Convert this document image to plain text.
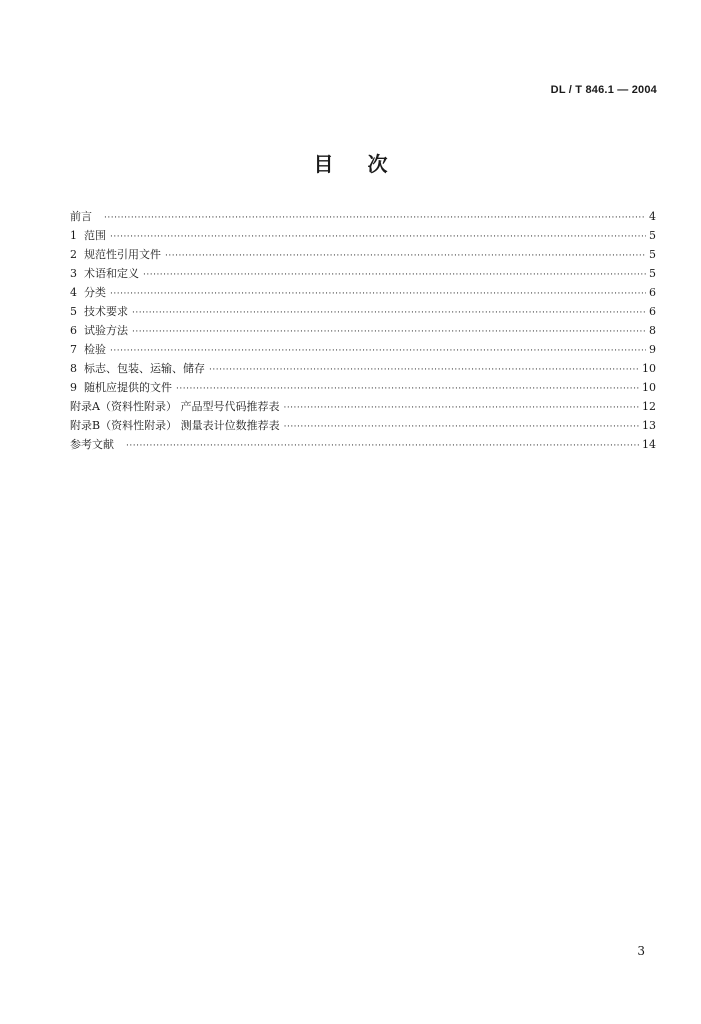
DL / T 846.1 — 2004
目次
前言 ·····	4
1 范围 ·····	5
2 规范性引用文件 ·····	5
3 术语和定义 ·····	5
4 分类 ·····	6
5 技术要求 ·····	6
6 试验方法 ·····	8
7 检验 ·····	9
8 标志、包装、运输、储存 ·····	10
9 随机应提供的文件 ·····	10
附录A（资料性附录） 产品型号代码推荐表 ·····	12
附录B（资料性附录） 测量表计位数推荐表 ·····	13
参考文献 ·····	14
3
